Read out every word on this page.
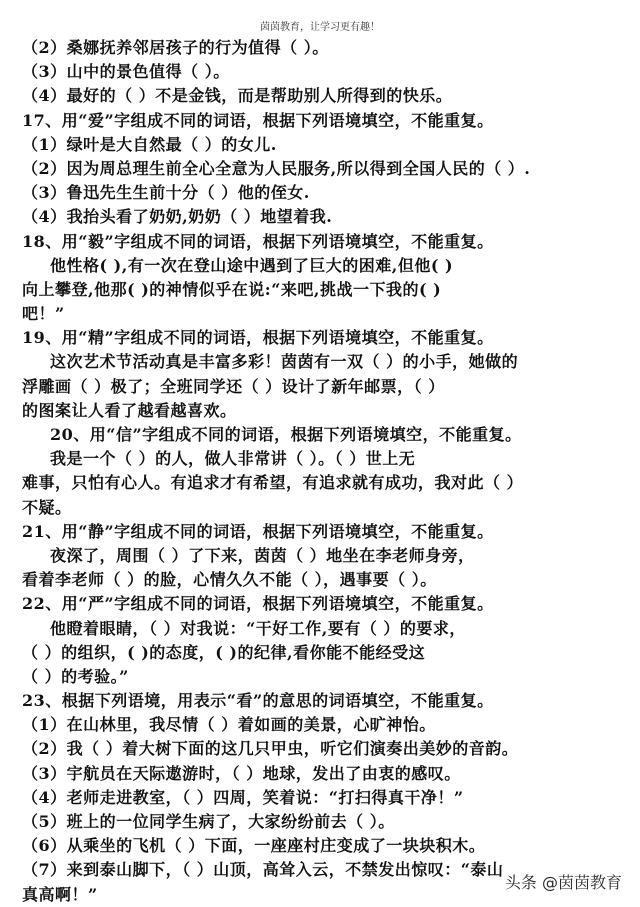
茵茵教育，让学习更有趣！
（2）桑娜抚养邻居孩子的行为值得（ ）。
（3）山中的景色值得（ ）。
（4）最好的（ ）不是金钱，而是帮助别人所得到的快乐。
17、用“爱”字组成不同的词语，根据下列语境填空，不能重复。
（1）绿叶是大自然最（ ）的女儿.
（2）因为周总理生前全心全意为人民服务,所以得到全国人民的（ ）.
（3）鲁迅先生生前十分（ ）他的侄女.
（4）我抬头看了奶奶,奶奶（ ）地望着我.
18、用“毅”字组成不同的词语，根据下列语境填空，不能重复。
他性格( ),有一次在登山途中遇到了巨大的困难,但他( )
向上攀登,他那( )的神情似乎在说:“来吧,挑战一下我的( )
吧！”
19、用“精”字组成不同的词语，根据下列语境填空，不能重复。
这次艺术节活动真是丰富多彩！茵茵有一双（ ）的小手，她做的
浮雕画（ ）极了；全班同学还（ ）设计了新年邮票，（ ）
的图案让人看了越看越喜欢。
20、用“信”字组成不同的词语，根据下列语境填空，不能重复。
我是一个（ ）的人，做人非常讲（ ）。（ ）世上无
难事，只怕有心人。有追求才有希望，有追求就有成功，我对此（ ）
不疑。
21、用“静”字组成不同的词语，根据下列语境填空，不能重复。
夜深了，周围（ ）了下来，茵茵（ ）地坐在李老师身旁，
看着李老师（ ）的脸，心情久久不能（ ），遇事要（ ）。
22、用“严”字组成不同的词语，根据下列语境填空，不能重复。
他瞪着眼睛，（ ）对我说：“干好工作,要有（ ）的要求，
（ ）的组织，( )的态度，( )的纪律,看你能不能经受这
（ ）的考验。”
23、根据下列语境，用表示“看”的意思的词语填空，不能重复。
（1）在山林里，我尽情（ ）着如画的美景，心旷神怡。
（2）我（ ）着大树下面的这几只甲虫，听它们演奏出美妙的音韵。
（3）宇航员在天际遨游时，（ ）地球，发出了由衷的感叹。
（4）老师走进教室，（ ）四周，笑着说：“打扫得真干净！”
（5）班上的一位同学生病了，大家纷纷前去（ ）。
（6）从乘坐的飞机（ ）下面，一座座村庄变成了一块块积木。
（7）来到泰山脚下，（ ）山顶，高耸入云，不禁发出惊叹：“泰山
真高啊！”
头条 @茵茵教育
